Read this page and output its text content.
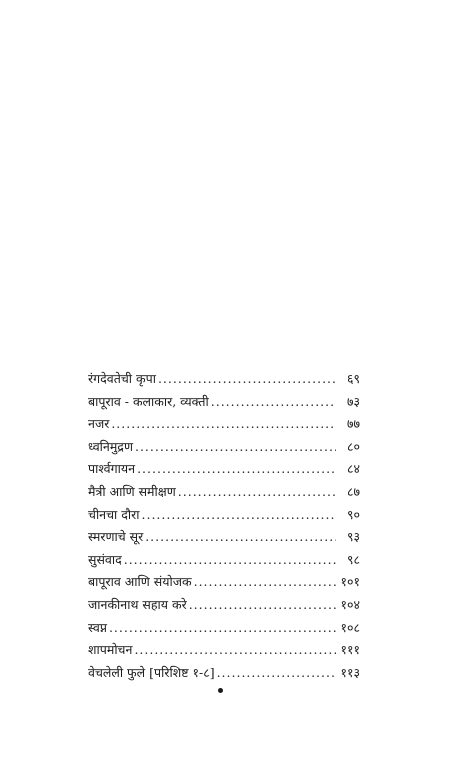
रंगदेवतेची कृपा .....	६९
बापूराव - कलाकार, व्यक्ती .....	७३
नजर .....	७७
ध्वनिमुद्रण .....	८०
पार्श्वगायन .....	८४
मैत्री आणि समीक्षण .....	८७
चीनचा दौरा .....	९०
स्मरणाचे सूर .....	९३
सुसंवाद .....	९८
बापूराव आणि संयोजक .....	१०१
जानकीनाथ सहाय करे .....	१०४
स्वप्न .....	१०८
शापमोचन .....	१११
वेचलेली फुले [परिशिष्ट १-८] .....	११३
